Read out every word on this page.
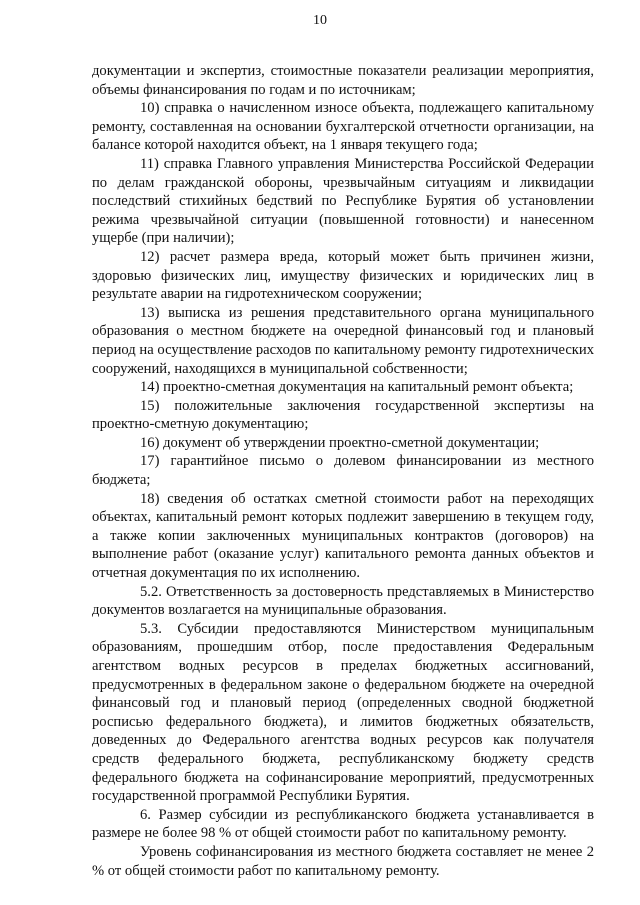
10

документации и экспертиз, стоимостные показатели реализации мероприятия, объемы финансирования по годам и по источникам;

10) справка о начисленном износе объекта, подлежащего капитальному ремонту, составленная на основании бухгалтерской отчетности организации, на балансе которой находится объект, на 1 января текущего года;

11) справка Главного управления Министерства Российской Федерации по делам гражданской обороны, чрезвычайным ситуациям и ликвидации последствий стихийных бедствий по Республике Бурятия об установлении режима чрезвычайной ситуации (повышенной готовности) и нанесенном ущербе (при наличии);

12) расчет размера вреда, который может быть причинен жизни, здоровью физических лиц, имуществу физических и юридических лиц в результате аварии на гидротехническом сооружении;

13) выписка из решения представительного органа муниципального образования о местном бюджете на очередной финансовый год и плановый период на осуществление расходов по капитальному ремонту гидротехнических сооружений, находящихся в муниципальной собственности;

14) проектно-сметная документация на капитальный ремонт объекта;

15) положительные заключения государственной экспертизы на проектно-сметную документацию;

16) документ об утверждении проектно-сметной документации;

17) гарантийное письмо о долевом финансировании из местного бюджета;

18) сведения об остатках сметной стоимости работ на переходящих объектах, капитальный ремонт которых подлежит завершению в текущем году, а также копии заключенных муниципальных контрактов (договоров) на выполнение работ (оказание услуг) капитального ремонта данных объектов и отчетная документация по их исполнению.

5.2. Ответственность за достоверность представляемых в Министерство документов возлагается на муниципальные образования.

5.3. Субсидии предоставляются Министерством муниципальным образованиям, прошедшим отбор, после предоставления Федеральным агентством водных ресурсов в пределах бюджетных ассигнований, предусмотренных в федеральном законе о федеральном бюджете на очередной финансовый год и плановый период (определенных сводной бюджетной росписью федерального бюджета), и лимитов бюджетных обязательств, доведенных до Федерального агентства водных ресурсов как получателя средств федерального бюджета, республиканскому бюджету средств федерального бюджета на софинансирование мероприятий, предусмотренных государственной программой Республики Бурятия.

6. Размер субсидии из республиканского бюджета устанавливается в размере не более 98 % от общей стоимости работ по капитальному ремонту.

Уровень софинансирования из местного бюджета составляет не менее 2 % от общей стоимости работ по капитальному ремонту.
